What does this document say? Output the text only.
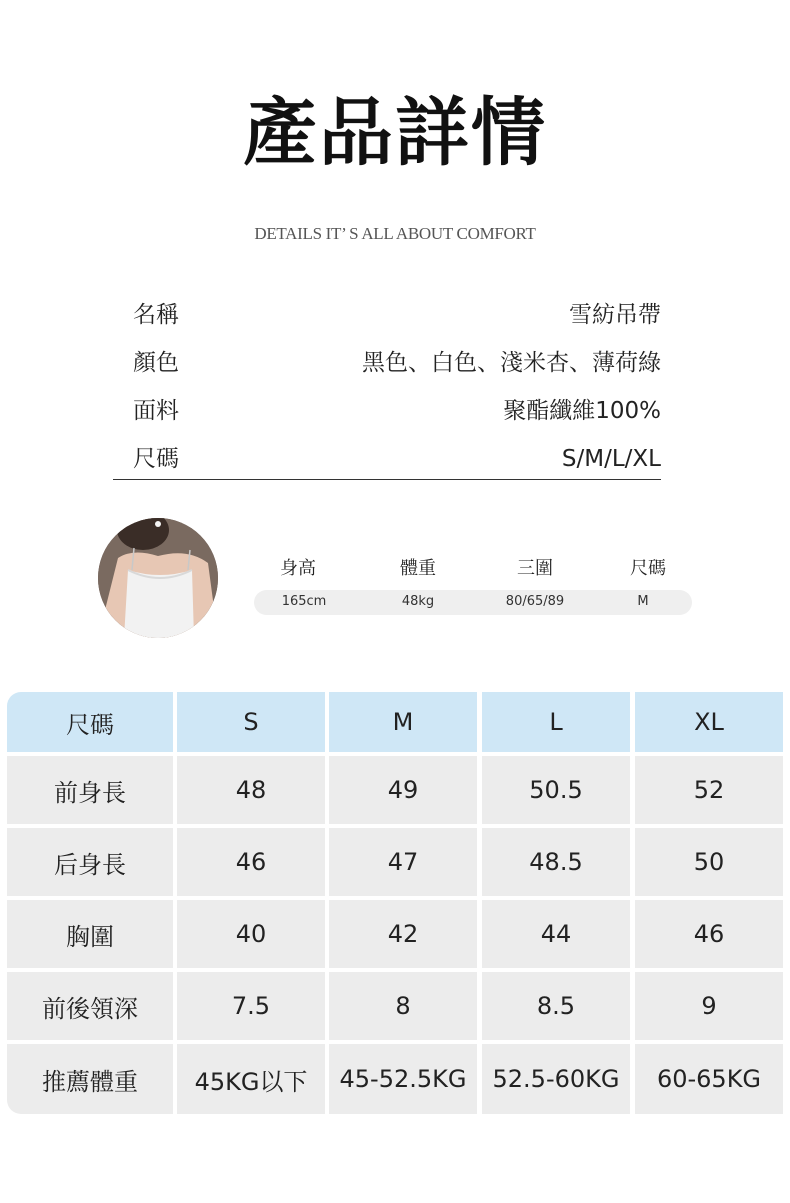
產品詳情
DETAILS IT’ S ALL ABOUT COMFORT
名稱	雪紡吊帶
顏色	黑色、白色、淺米杏、薄荷綠
面料	聚酯纖維100%
尺碼	S/M/L/XL
身高	體重	三圍	尺碼
165cm	48kg	80/65/89	M
尺碼	S	M	L	XL
前身長	48	49	50.5	52
后身長	46	47	48.5	50
胸圍	40	42	44	46
前後領深	7.5	8	8.5	9
推薦體重	45KG以下	45-52.5KG	52.5-60KG	60-65KG
